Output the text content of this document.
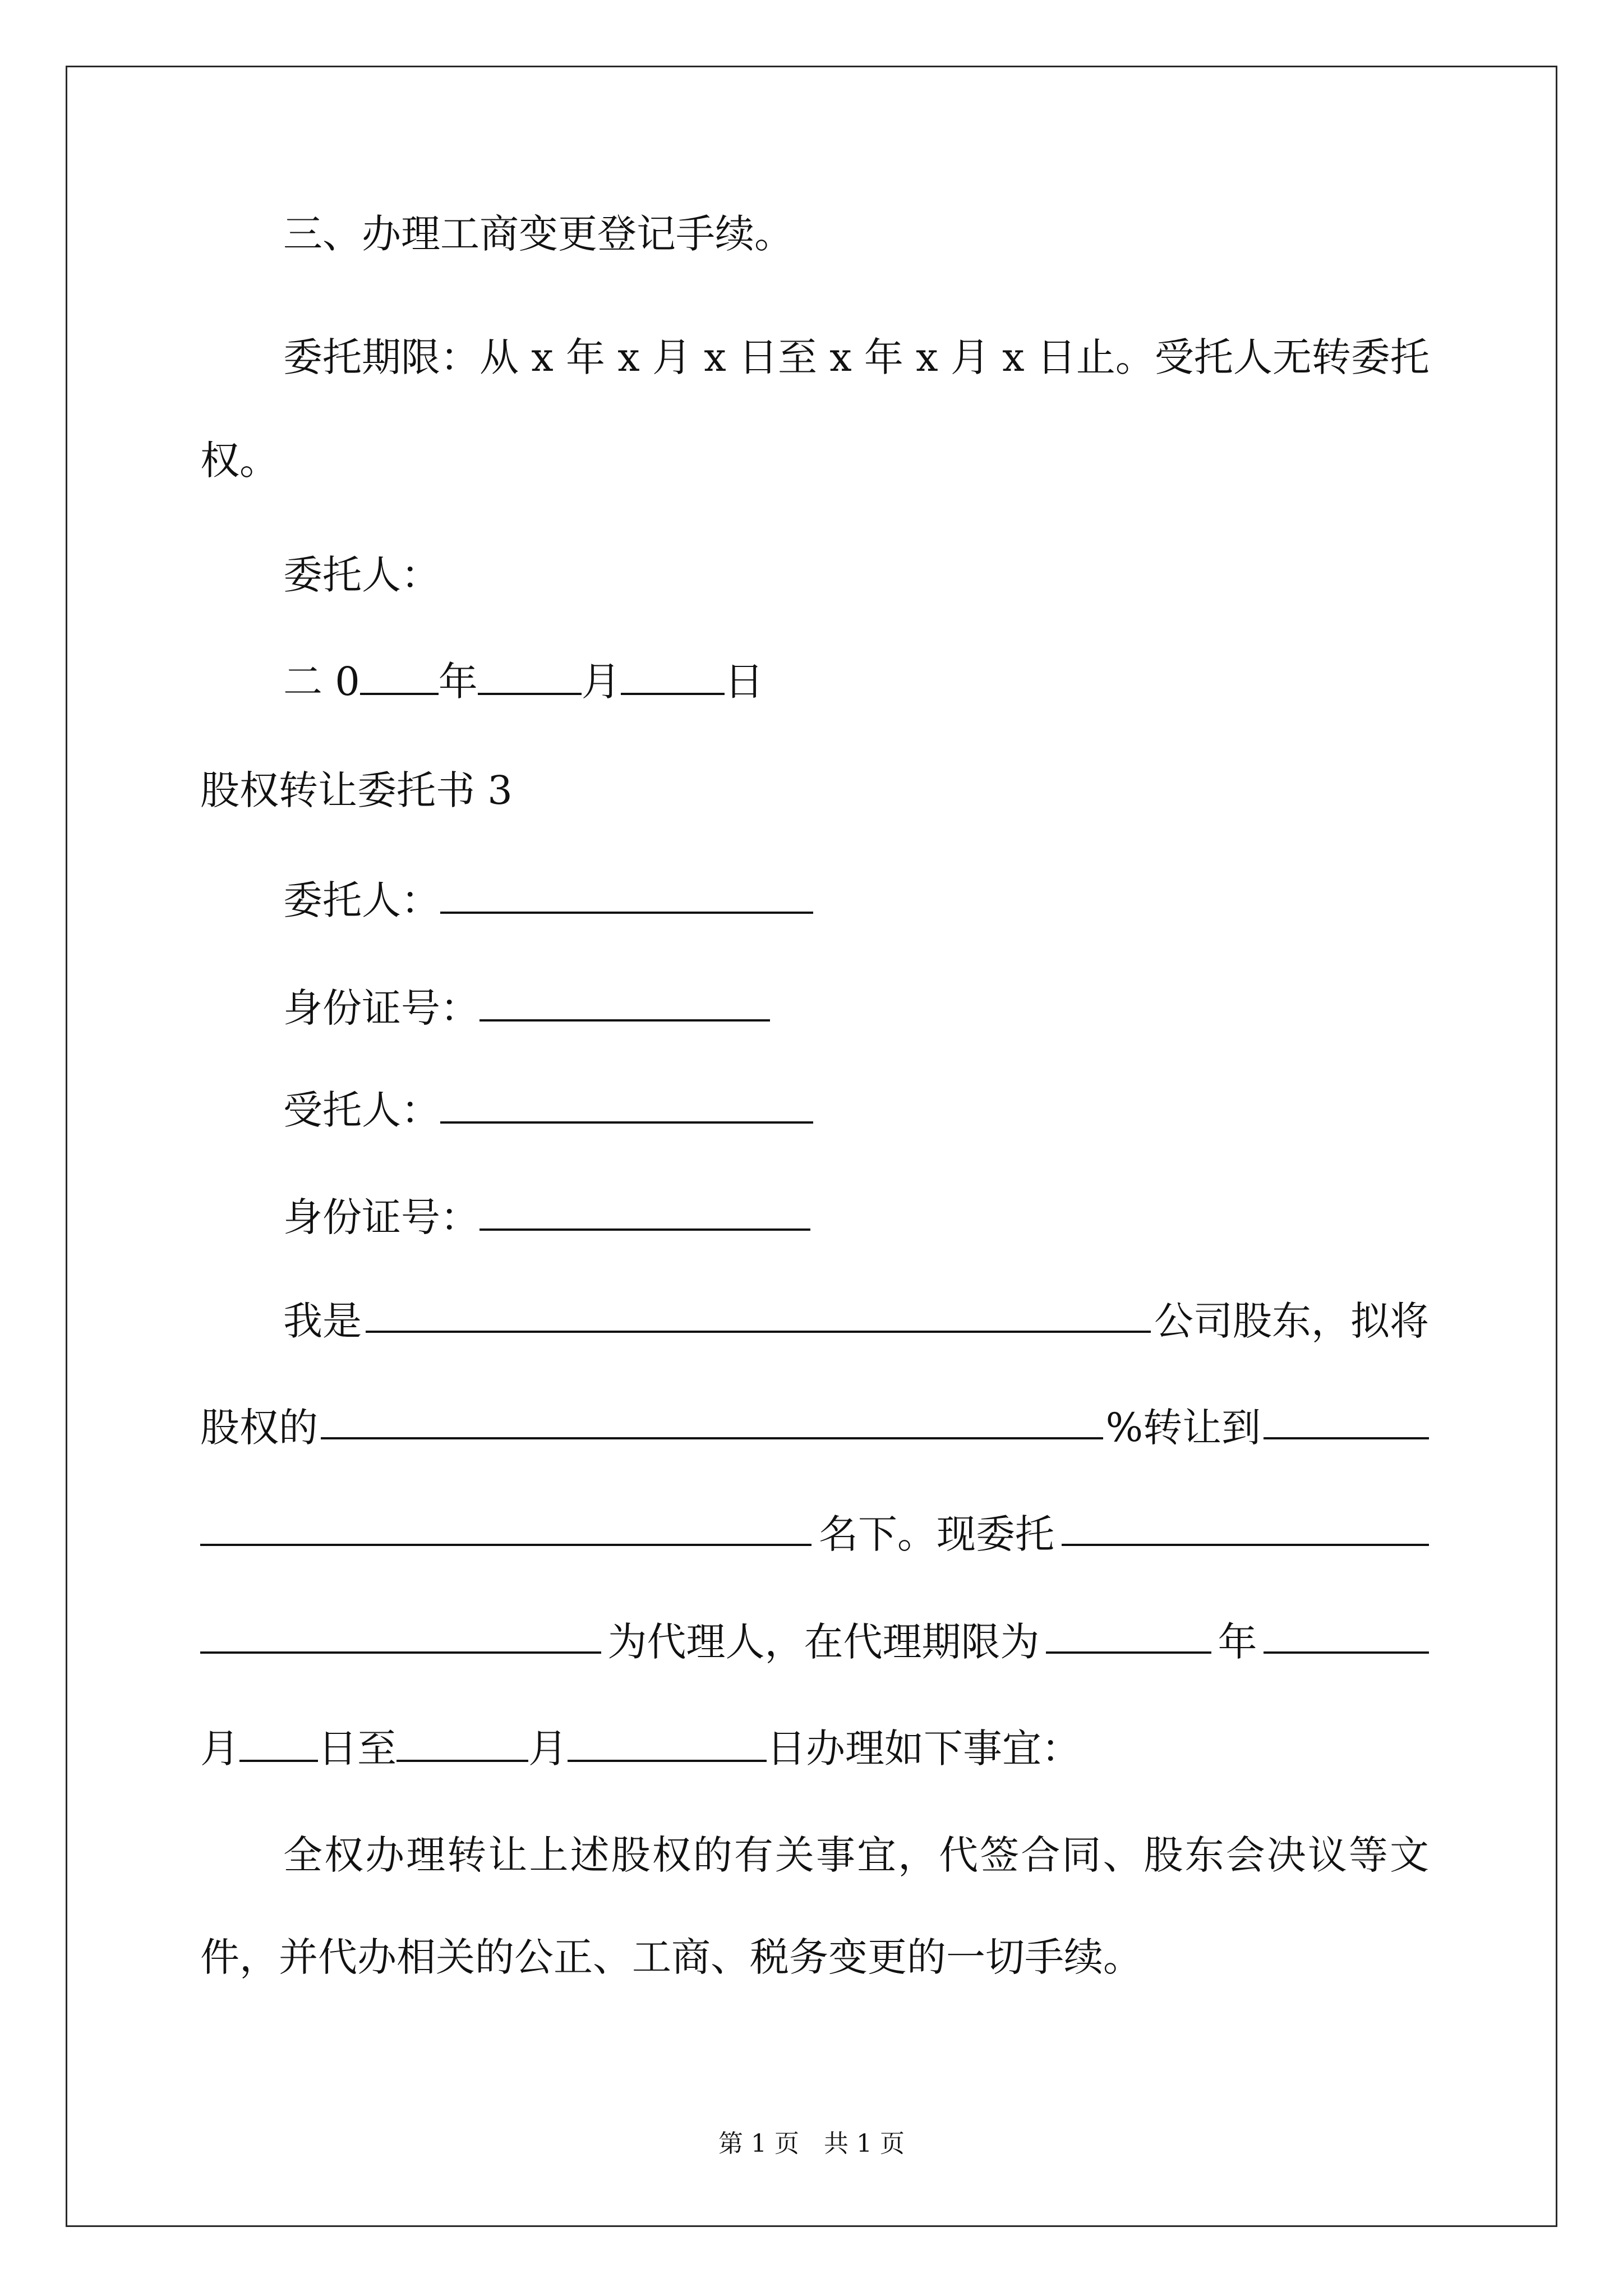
三、办理工商变更登记手续。
委托期限：从 x 年 x 月 x 日至 x 年 x 月 x 日止。受托人无转委托
权。
委托人：
二 0 年	月	日
股权转让委托书 3
委托人：
身份证号：
受托人：
身份证号：
我是	公司股东，拟将
股权的	%转让到
名下。现委托
为代理人，在代理期限为	年
月 日至	月	日办理如下事宜：
全权办理转让上述股权的有关事宜，代签合同、股东会决议等文
件，并代办相关的公正、工商、税务变更的一切手续。
第 1 页　共 1 页
